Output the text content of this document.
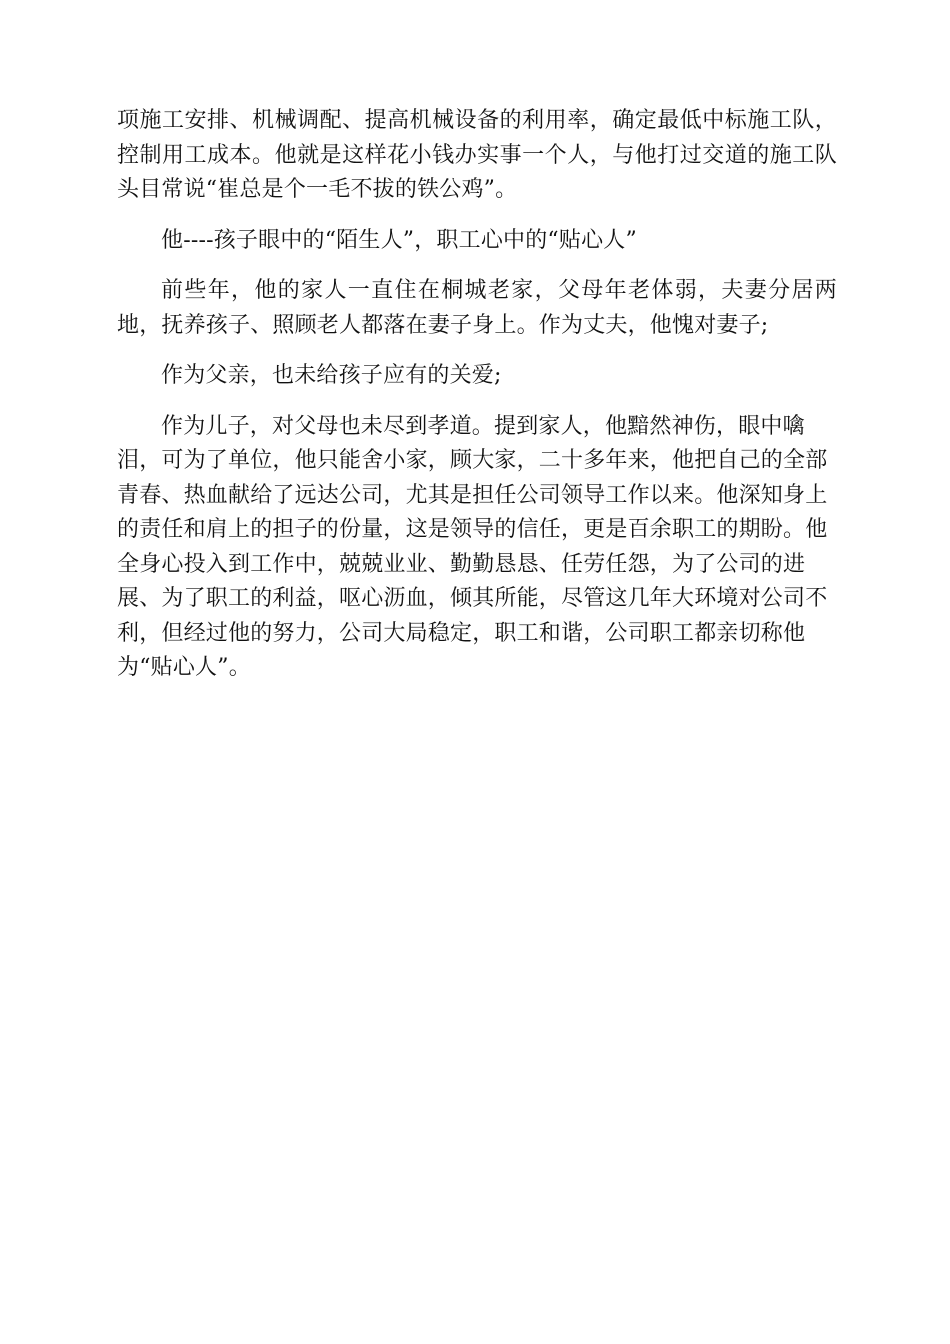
项施工安排、机械调配、提高机械设备的利用率，确定最低中标施工队，控制用工成本。他就是这样花小钱办实事一个人，与他打过交道的施工队头目常说“崔总是个一毛不拔的铁公鸡”。

他----孩子眼中的“陌生人”，职工心中的“贴心人”

前些年，他的家人一直住在桐城老家，父母年老体弱，夫妻分居两地，抚养孩子、照顾老人都落在妻子身上。作为丈夫，他愧对妻子;

作为父亲，也未给孩子应有的关爱;

作为儿子，对父母也未尽到孝道。提到家人，他黯然神伤，眼中噙泪，可为了单位，他只能舍小家，顾大家，二十多年来，他把自己的全部青春、热血献给了远达公司，尤其是担任公司领导工作以来。他深知身上的责任和肩上的担子的份量，这是领导的信任，更是百余职工的期盼。他全身心投入到工作中，兢兢业业、勤勤恳恳、任劳任怨，为了公司的进展、为了职工的利益，呕心沥血，倾其所能，尽管这几年大环境对公司不利，但经过他的努力，公司大局稳定，职工和谐，公司职工都亲切称他为“贴心人”。
